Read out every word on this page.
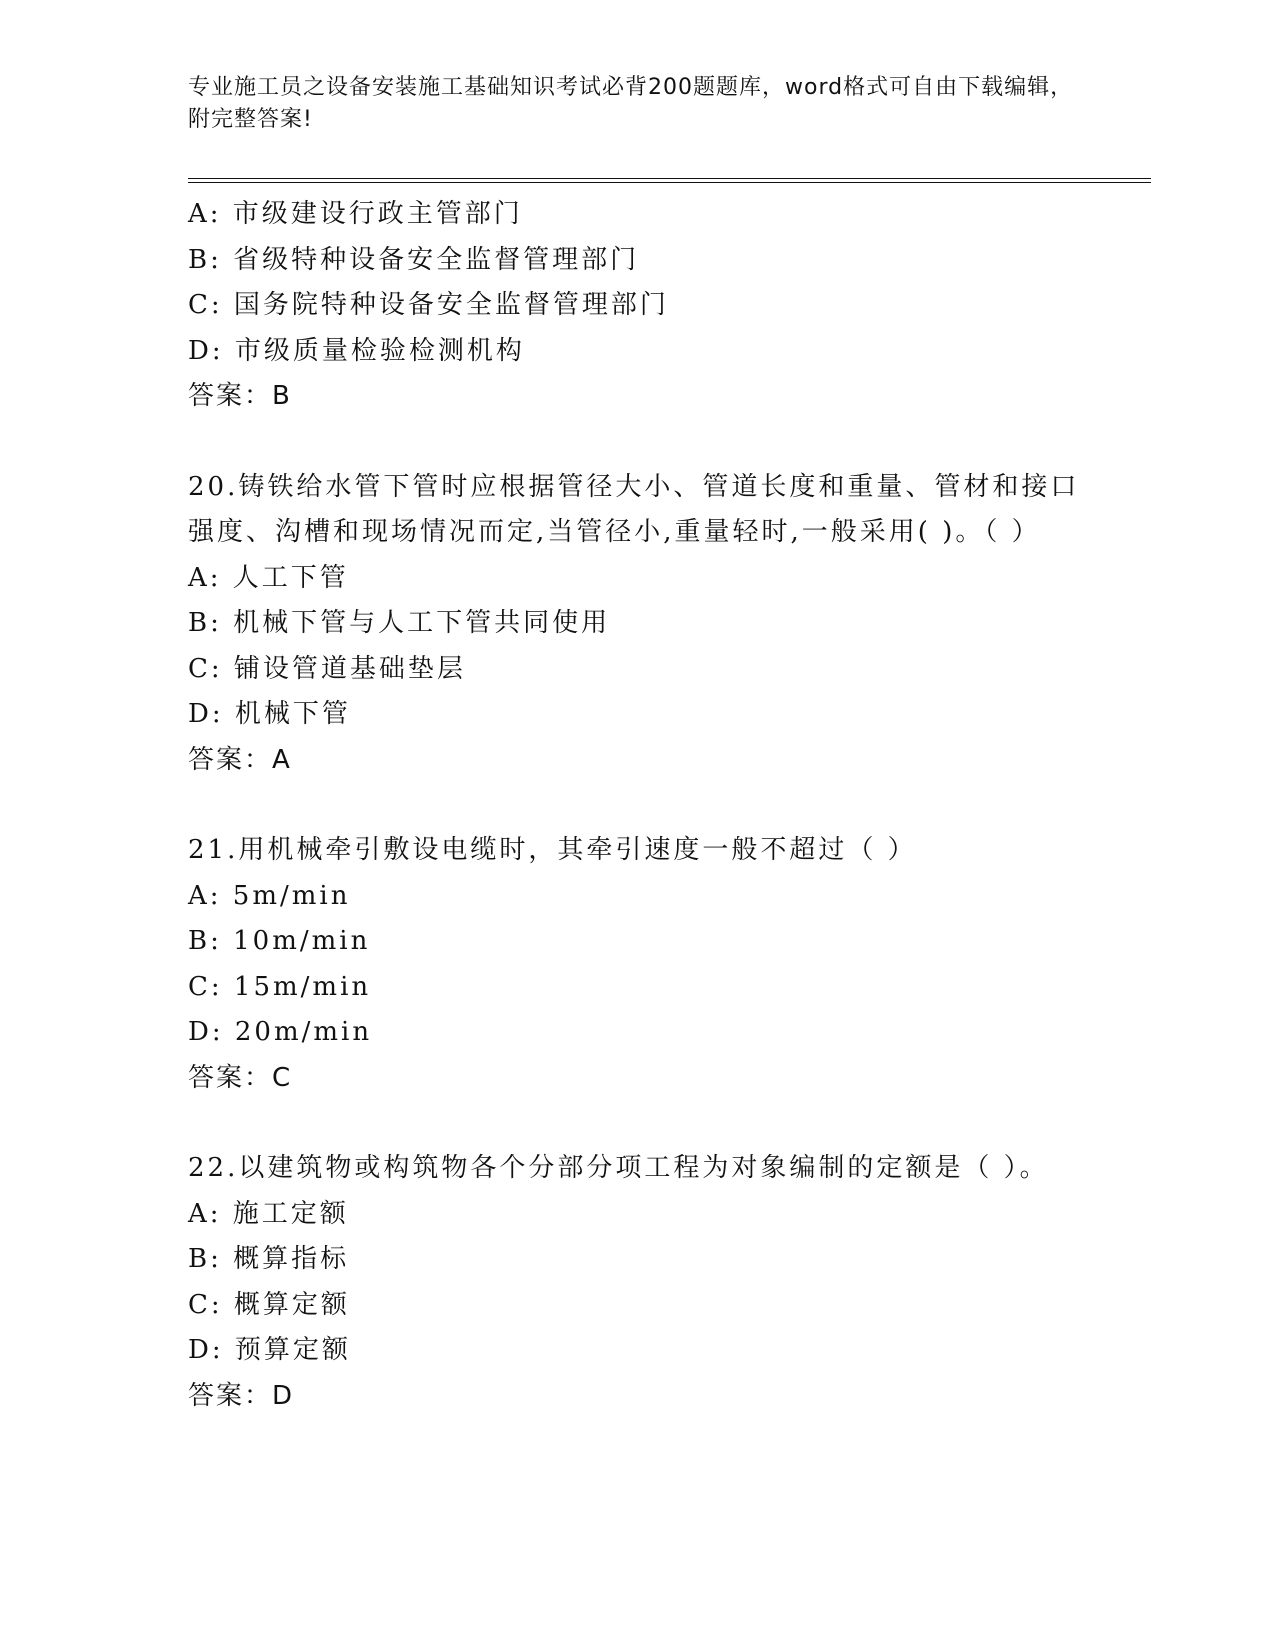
专业施工员之设备安装施工基础知识考试必背200题题库，word格式可自由下载编辑，附完整答案!
A: 市级建设行政主管部门
B: 省级特种设备安全监督管理部门
C: 国务院特种设备安全监督管理部门
D: 市级质量检验检测机构
答案：B
20.铸铁给水管下管时应根据管径大小、管道长度和重量、管材和接口强度、沟槽和现场情况而定,当管径小,重量轻时,一般采用( )。（ ）
A: 人工下管
B: 机械下管与人工下管共同使用
C: 铺设管道基础垫层
D: 机械下管
答案：A
21.用机械牵引敷设电缆时，其牵引速度一般不超过（ ）
A: 5m/min
B: 10m/min
C: 15m/min
D: 20m/min
答案：C
22.以建筑物或构筑物各个分部分项工程为对象编制的定额是（ ）。
A: 施工定额
B: 概算指标
C: 概算定额
D: 预算定额
答案：D
